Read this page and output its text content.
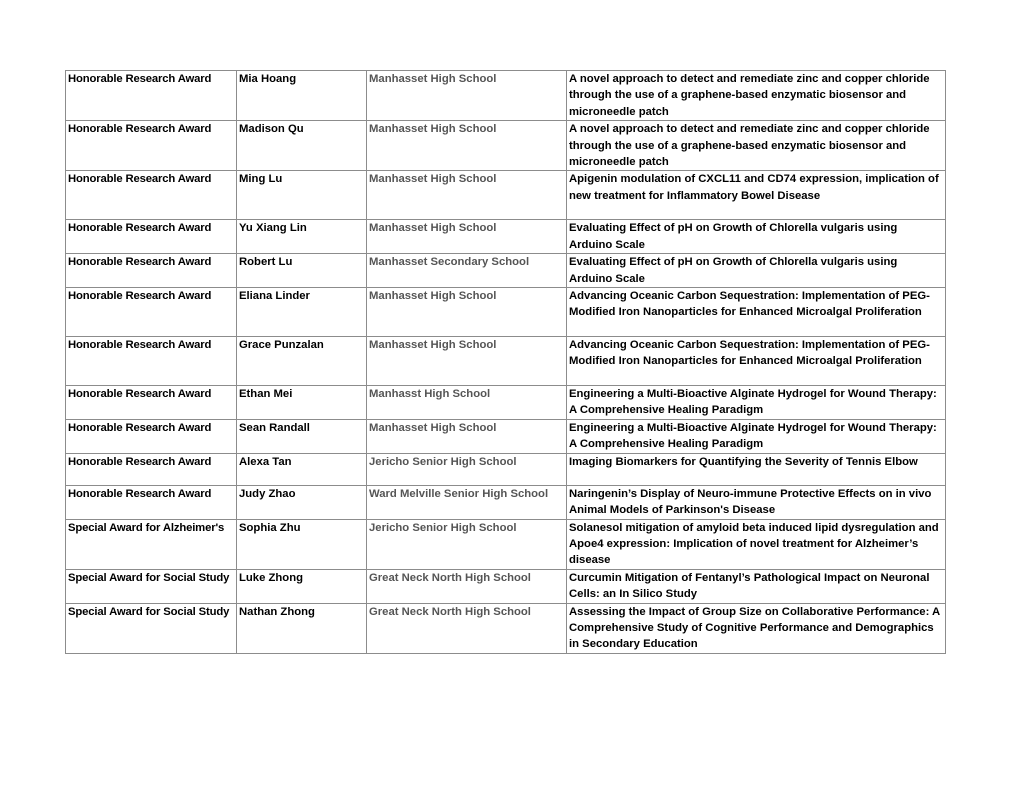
Honorable Research Award	Mia Hoang	Manhasset High School	A novel approach to detect and remediate zinc and copper chloride through the use of a graphene-based enzymatic biosensor and microneedle patch
Honorable Research Award	Madison Qu	Manhasset High School	A novel approach to detect and remediate zinc and copper chloride through the use of a graphene-based enzymatic biosensor and microneedle patch
Honorable Research Award	Ming Lu	Manhasset High School	Apigenin modulation of CXCL11 and CD74 expression, implication of new treatment for Inflammatory Bowel Disease
Honorable Research Award	Yu Xiang Lin	Manhasset High School	Evaluating Effect of pH on Growth of Chlorella vulgaris using Arduino Scale
Honorable Research Award	Robert Lu	Manhasset Secondary School	Evaluating Effect of pH on Growth of Chlorella vulgaris using Arduino Scale
Honorable Research Award	Eliana Linder	Manhasset High School	Advancing Oceanic Carbon Sequestration: Implementation of PEG-Modified Iron Nanoparticles for Enhanced Microalgal Proliferation
Honorable Research Award	Grace Punzalan	Manhasset High School	Advancing Oceanic Carbon Sequestration: Implementation of PEG-Modified Iron Nanoparticles for Enhanced Microalgal Proliferation
Honorable Research Award	Ethan Mei	Manhasst High School	Engineering a Multi-Bioactive Alginate Hydrogel for Wound Therapy: A Comprehensive Healing Paradigm
Honorable Research Award	Sean Randall	Manhasset High School	Engineering a Multi-Bioactive Alginate Hydrogel for Wound Therapy: A Comprehensive Healing Paradigm
Honorable Research Award	Alexa Tan	Jericho Senior High School	Imaging Biomarkers for Quantifying the Severity of Tennis Elbow
Honorable Research Award	Judy Zhao	Ward Melville Senior High School	Naringenin’s Display of Neuro-immune Protective Effects on in vivo Animal Models of Parkinson's Disease
Special Award for Alzheimer's	Sophia Zhu	Jericho Senior High School	Solanesol mitigation of amyloid beta induced lipid dysregulation and Apoe4 expression: Implication of novel treatment for Alzheimer’s disease
Special Award for Social Study	Luke Zhong	Great Neck North High School	Curcumin Mitigation of Fentanyl’s Pathological Impact on Neuronal Cells: an In Silico Study
Special Award for Social Study	Nathan Zhong	Great Neck North High School	Assessing the Impact of Group Size on Collaborative Performance: A Comprehensive Study of Cognitive Performance and Demographics in Secondary Education
